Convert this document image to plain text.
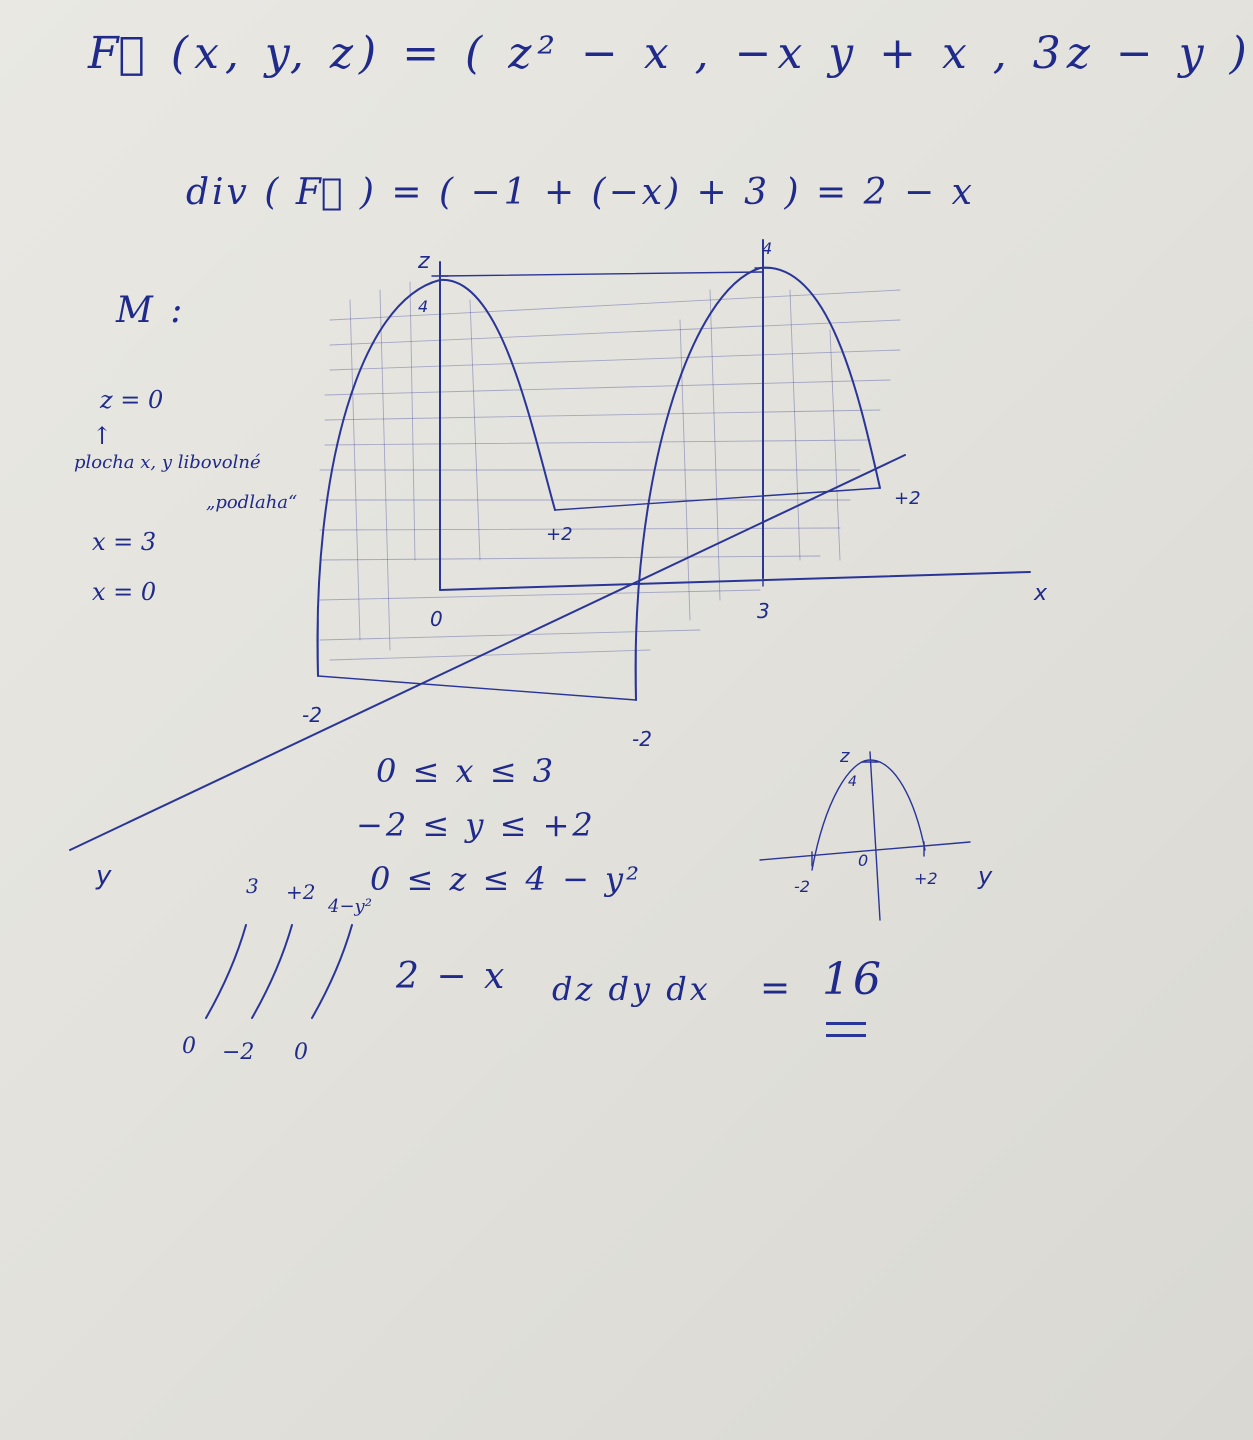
F⃗ (x, y, z) = ( z² − x , −x y + x , 3z − y )
div ( F⃗ ) = ( −1 + (−x) + 3 ) = 2 − x
M :
z = 0
↑
plocha x, y libovolné
„podlaha“
x = 3
x = 0
z
4
4
0	3
x
y
+2
+2
-2
-2
z
4
0
-2	+2 y
0 ≤ x ≤ 3
−2 ≤ y ≤ +2
0 ≤ z ≤ 4 − y²
3 +2
4−y²
0 −2 0
2 − x dz dy dx = 16
